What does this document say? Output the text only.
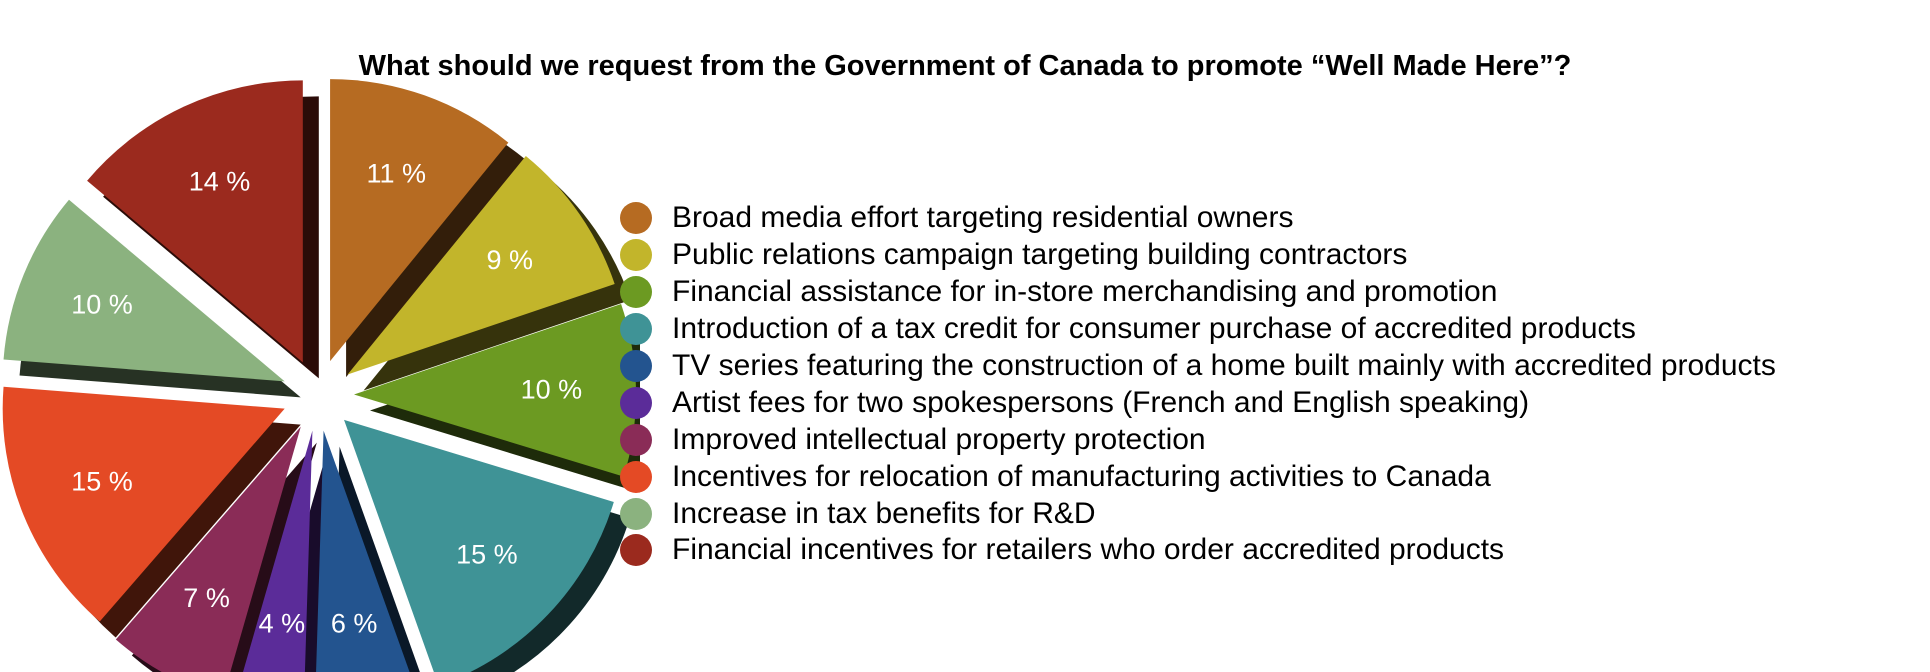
What should we request from the Government of Canada to promote “Well Made Here”?
11 %
9 %
10 %
15 %
6 %
4 %
7 %
15 %
10 %
14 %
Broad media effort targeting residential owners
Public relations campaign targeting building contractors
Financial assistance for in-store merchandising and promotion
Introduction of a tax credit for consumer purchase of accredited products
TV series featuring the construction of a home built mainly with accredited products
Artist fees for two spokespersons (French and English speaking)
Improved intellectual property protection
Incentives for relocation of manufacturing activities to Canada
Increase in tax benefits for R&D
Financial incentives for retailers who order accredited products
